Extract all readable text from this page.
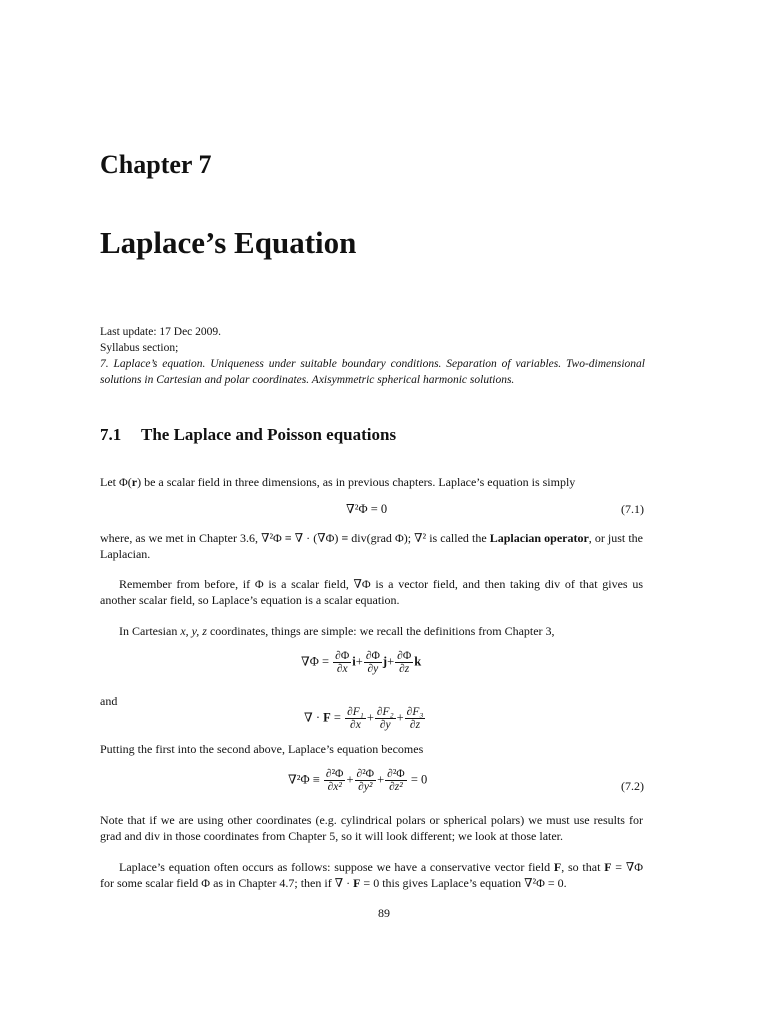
Chapter 7
Laplace’s Equation
Last update: 17 Dec 2009.
Syllabus section;
7. Laplace’s equation. Uniqueness under suitable boundary conditions. Separation of variables. Two-dimensional solutions in Cartesian and polar coordinates. Axisymmetric spherical harmonic solutions.
7.1 The Laplace and Poisson equations
Let Φ(r) be a scalar field in three dimensions, as in previous chapters. Laplace’s equation is simply
∇²Φ = 0	(7.1)
where, as we met in Chapter 3.6, ∇²Φ ≡ ∇ · (∇Φ) ≡ div(grad Φ); ∇² is called the Laplacian operator, or just the Laplacian.
Remember from before, if Φ is a scalar field, ∇Φ is a vector field, and then taking div of that gives us another scalar field, so Laplace’s equation is a scalar equation.
In Cartesian x, y, z coordinates, things are simple: we recall the definitions from Chapter 3,
$\nabla\Phi = \frac{\partial\Phi}{\partial x} i+ \frac{\partial\Phi}{\partial y} j+ \frac{\partial\Phi}{\partial z}$ k
and
∇ · $F = \frac{\text{∂F₁}}{\partial x} + \frac{\text{∂F₂}}{\partial y} + \frac{\text{∂F₃}}{\partial z}$
Putting the first into the second above, Laplace’s equation becomes
$\nabla^2\Phi \equiv \frac{\text{∂²Φ}}{\text{∂x²}} + \frac{\text{∂²Φ}}{\text{∂y²}} + \frac{\text{∂²Φ}}{\text{∂z²}} = 0$	(7.2)
Note that if we are using other coordinates (e.g. cylindrical polars or spherical polars) we must use results for grad and div in those coordinates from Chapter 5, so it will look different; we look at those later.
Laplace’s equation often occurs as follows: suppose we have a conservative vector field F, so that F = ∇Φ for some scalar field Φ as in Chapter 4.7; then if ∇ · F = 0 this gives Laplace’s equation ∇²Φ = 0.
89
